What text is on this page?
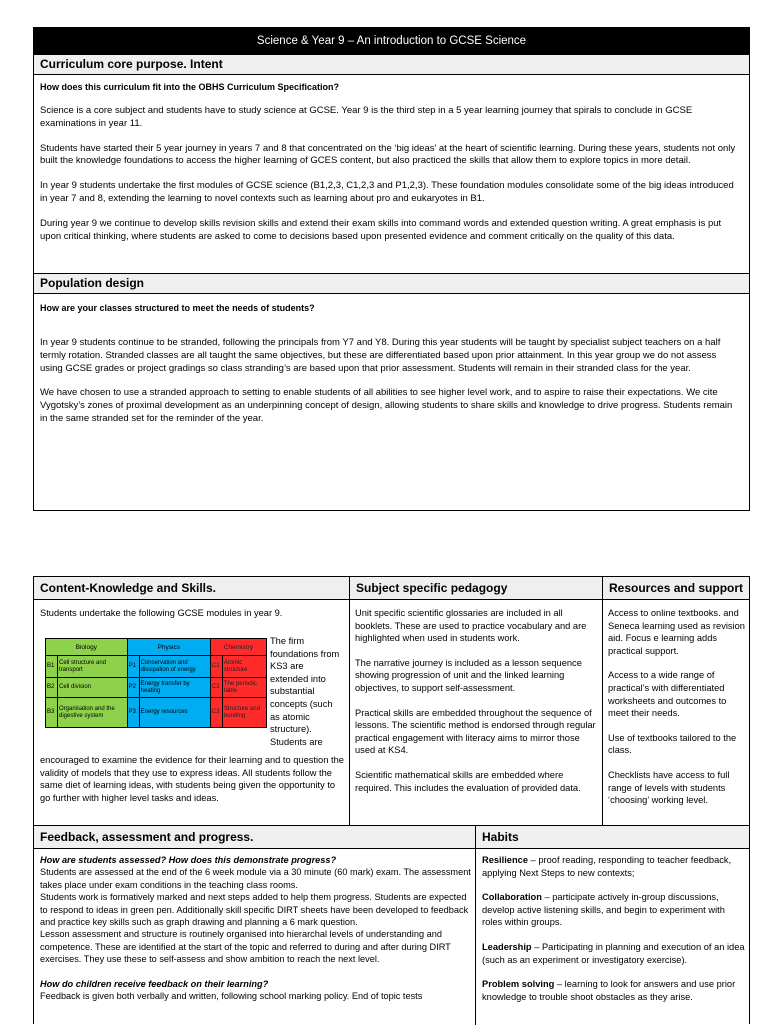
Science & Year 9 – An introduction to GCSE Science
Curriculum core purpose. Intent

How does this curriculum fit into the OBHS Curriculum Specification?

Science is a core subject and students have to study science at GCSE. Year 9 is the third step in a 5 year learning journey that spirals to conclude in GCSE examinations in year 11.

Students have started their 5 year journey in years 7 and 8 that concentrated on the ‘big ideas’ at the heart of scientific learning. During these years, students not only built the knowledge foundations to access the higher learning of GCES content, but also practiced the skills that allow them to explore topics in more detail.

In year 9 students undertake the first modules of GCSE science (B1,2,3, C1,2,3 and P1,2,3). These foundation modules consolidate some of the big ideas introduced in year 7 and 8, extending the learning to novel contexts such as learning about pro and eukaryotes in B1.

During year 9 we continue to develop skills revision skills and extend their exam skills into command words and extended question writing. A great emphasis is put upon critical thinking, where students are asked to come to decisions based upon presented evidence and comment critically on the quality of this data.

Population design

How are your classes structured to meet the needs of students?

In year 9 students continue to be stranded, following the principals from Y7 and Y8. During this year students will be taught by specialist subject teachers on a half termly rotation. Stranded classes are all taught the same objectives, but these are differentiated based upon prior attainment. In this year group we do not assess using GCSE grades or project gradings so class stranding’s are based upon that prior assessment. Students will remain in their stranded class for the year.

We have chosen to use a stranded approach to setting to enable students of all abilities to see higher level work, and to aspire to raise their expectations. We cite Vygotsky’s zones of proximal development as an underpinning concept of design, allowing students to share skills and knowledge to drive progress. Students remain in the same stranded set for the reminder of the year.

Content-Knowledge and Skills.	Subject specific pedagogy	Resources and support
Students undertake the following GCSE modules in year 9.
Biology		Physics		Chemistry	
B1	Cell structure and transport	P1	Conservation and dissipation of energy	C1	Atomic structure
B2	Cell division	P2	Energy transfer by heating	C2	The periodic table
B3	Organisation and the digestive system	P3	Energy resources	C3	Structure and bonding
The firm foundations from KS3 are extended into substantial concepts (such as atomic structure). Students are
encouraged to examine the evidence for their learning and to question the validity of models that they use to express ideas. All students follow the same diet of learning ideas, with students being given the opportunity to go further with higher level tasks and ideas.

Unit specific scientific glossaries are included in all booklets. These are used to practice vocabulary and are highlighted when used in students work.

The narrative journey is included as a lesson sequence showing progression of unit and the linked learning objectives, to support self-assessment.

Practical skills are embedded throughout the sequence of lessons. The scientific method is endorsed through regular practical engagement with literacy aims to mirror those used at KS4.

Scientific mathematical skills are embedded where required. This includes the evaluation of provided data.

Access to online textbooks. and Seneca learning used as revision aid. Focus e learning adds practical support.

Access to a wide range of practical’s with differentiated worksheets and outcomes to meet their needs.

Use of textbooks tailored to the class.

Checklists have access to full range of levels with students ‘choosing’ working level.

Feedback, assessment and progress.	Habits
How are students assessed? How does this demonstrate progress?
Students are assessed at the end of the 6 week module via a 30 minute (60 mark) exam. The assessment takes place under exam conditions in the teaching class rooms.
Students work is formatively marked and next steps added to help them progress. Students are expected to respond to ideas in green pen. Additionally skill specific DIRT sheets have been developed to feedback and practice key skills such as graph drawing and planning a 6 mark question.
Lesson assessment and structure is routinely organised into hierarchal levels of understanding and competence. These are identified at the start of the topic and referred to during and after during DIRT exercises. They use these to self-assess and show ambition to reach the next level.
How do children receive feedback on their learning?
Feedback is given both verbally and written, following school marking policy. End of topic tests

Resilience – proof reading, responding to teacher feedback, applying Next Steps to new contexts;

Collaboration – participate actively in-group discussions, develop active listening skills, and begin to experiment with roles within groups.

Leadership – Participating in planning and execution of an idea (such as an experiment or investigatory exercise).

Problem solving – learning to look for answers and use prior knowledge to trouble shoot obstacles as they arise.
